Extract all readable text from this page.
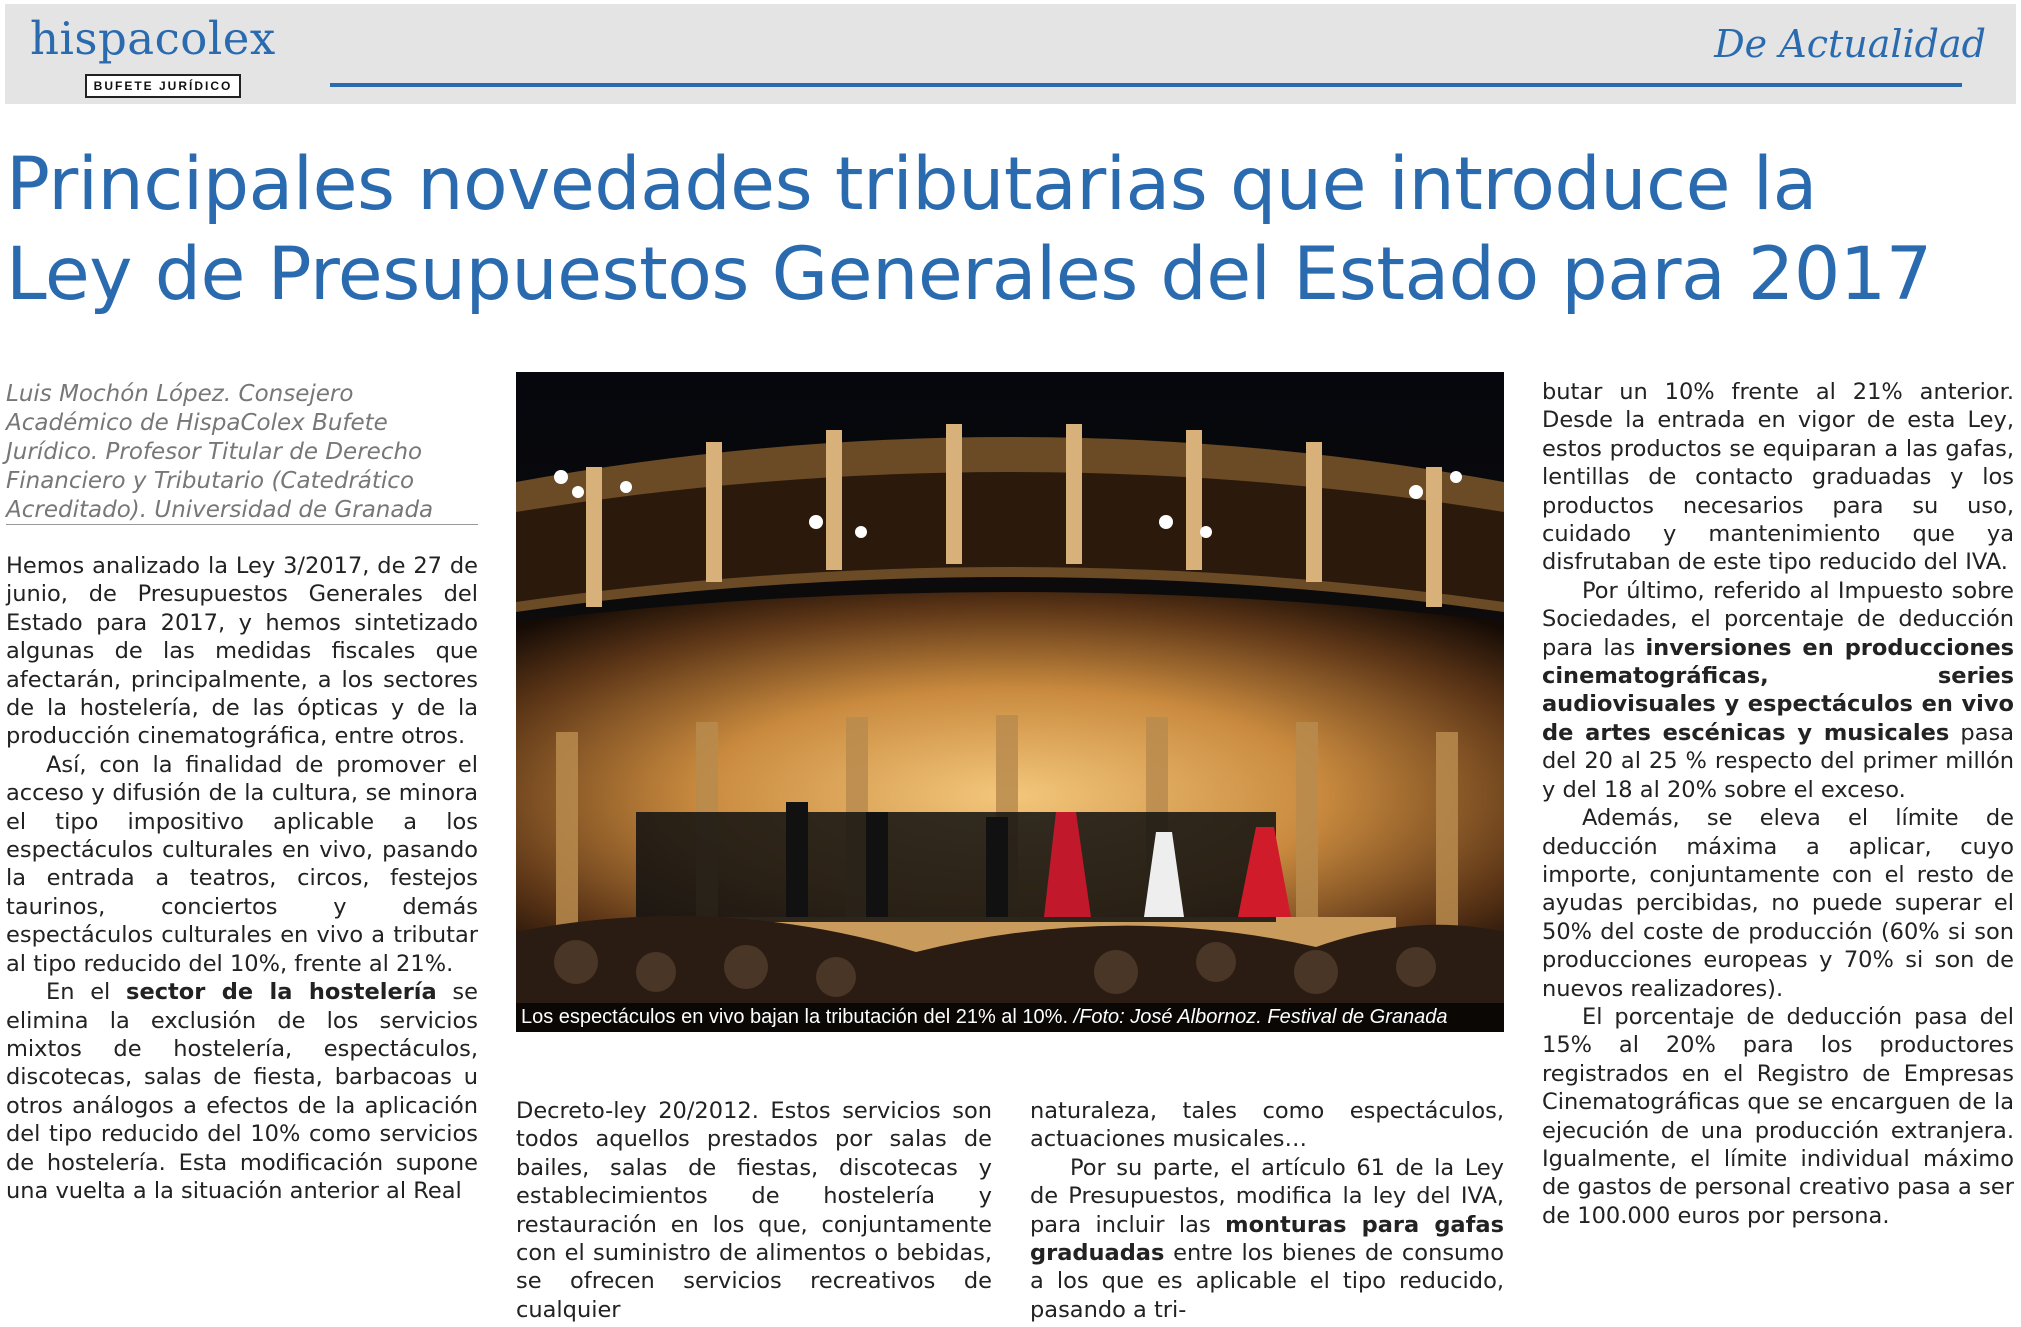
hispacolex
BUFETE JURÍDICO
De Actualidad
Principales novedades tributarias que introduce la
Ley de Presupuestos Generales del Estado para 2017
Luis Mochón López. Consejero Académico de HispaColex Bufete Jurídico. Profesor Titular de Derecho Financiero y Tributario (Catedrático Acreditado). Universidad de Granada

Hemos analizado la Ley 3/2017, de 27 de junio, de Presupuestos Generales del Estado para 2017, y hemos sintetizado algunas de las medidas fiscales que afectarán, principalmente, a los sectores de la hostelería, de las ópticas y de la producción cinematográfica, entre otros.

Así, con la finalidad de promover el acceso y difusión de la cultura, se minora el tipo impositivo aplicable a los espectáculos culturales en vivo, pasando la entrada a teatros, circos, festejos taurinos, conciertos y demás espectáculos culturales en vivo a tributar al tipo reducido del 10%, frente al 21%.

En el sector de la hostelería se elimina la exclusión de los servicios mixtos de hostelería, espectáculos, discotecas, salas de fiesta, barbacoas u otros análogos a efectos de la aplicación del tipo reducido del 10% como servicios de hostelería. Esta modificación supone una vuelta a la situación anterior al Real

Los espectáculos en vivo bajan la tributación del 21% al 10%. /Foto: José Albornoz. Festival de Granada

Decreto-ley 20/2012. Estos servicios son todos aquellos prestados por salas de bailes, salas de fiestas, discotecas y establecimientos de hostelería y restauración en los que, conjuntamente con el suministro de alimentos o bebidas, se ofrecen servicios recreativos de cualquier

naturaleza, tales como espectáculos, actuaciones musicales…

Por su parte, el artículo 61 de la Ley de Presupuestos, modifica la ley del IVA, para incluir las monturas para gafas graduadas entre los bienes de consumo a los que es aplicable el tipo reducido, pasando a tri-

butar un 10% frente al 21% anterior. Desde la entrada en vigor de esta Ley, estos productos se equiparan a las gafas, lentillas de contacto graduadas y los productos necesarios para su uso, cuidado y mantenimiento que ya disfrutaban de este tipo reducido del IVA.

Por último, referido al Impuesto sobre Sociedades, el porcentaje de deducción para las inversiones en producciones cinematográficas, series audiovisuales y espectáculos en vivo de artes escénicas y musicales pasa del 20 al 25 % respecto del primer millón y del 18 al 20% sobre el exceso.

Además, se eleva el límite de deducción máxima a aplicar, cuyo importe, conjuntamente con el resto de ayudas percibidas, no puede superar el 50% del coste de producción (60% si son producciones europeas y 70% si son de nuevos realizadores).

El porcentaje de deducción pasa del 15% al 20% para los productores registrados en el Registro de Empresas Cinematográficas que se encarguen de la ejecución de una producción extranjera. Igualmente, el límite individual máximo de gastos de personal creativo pasa a ser de 100.000 euros por persona.
